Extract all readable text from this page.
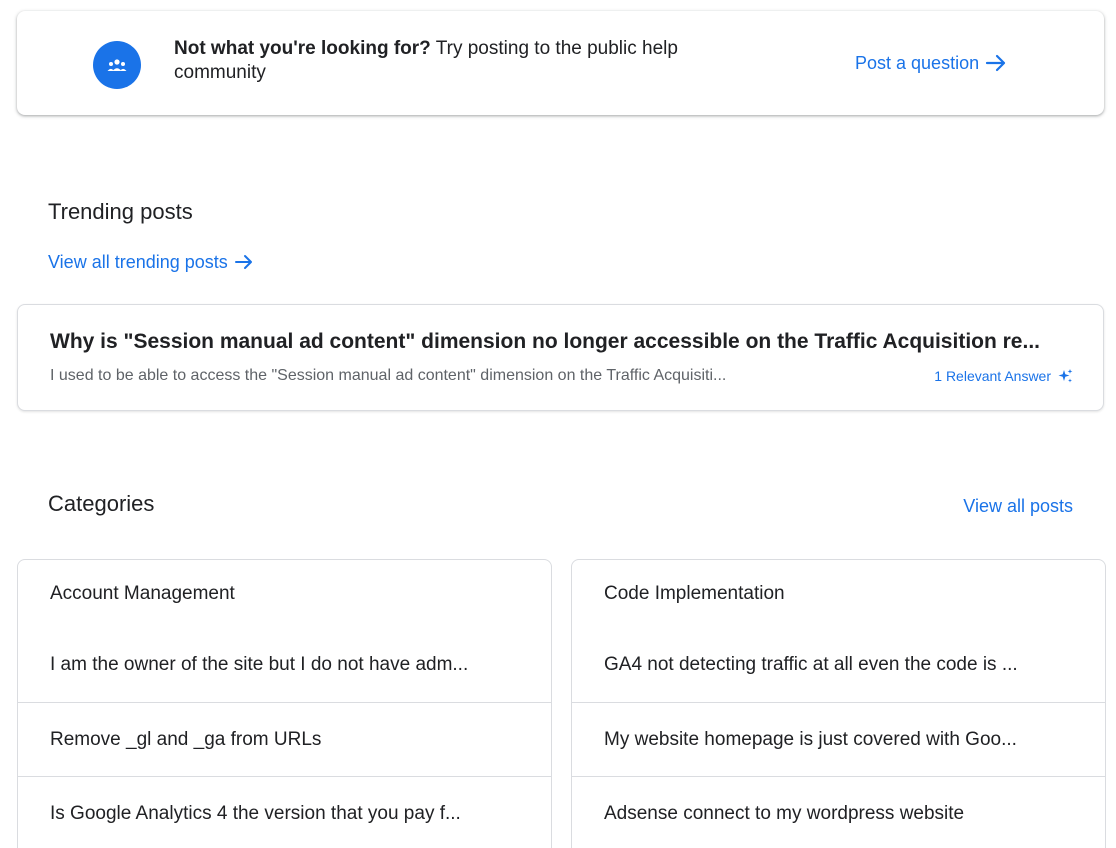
Not what you're looking for? Try posting to the public help community	Post a question
Trending posts
View all trending posts
Why is "Session manual ad content" dimension no longer accessible on the Traffic Acquisition re...
I used to be able to access the "Session manual ad content" dimension on the Traffic Acquisiti...	1 Relevant Answer
Categories	View all posts
Account Management
I am the owner of the site but I do not have adm...
Remove _gl and _ga from URLs
Is Google Analytics 4 the version that you pay f...
Code Implementation
GA4 not detecting traffic at all even the code is ...
My website homepage is just covered with Goo...
Adsense connect to my wordpress website
